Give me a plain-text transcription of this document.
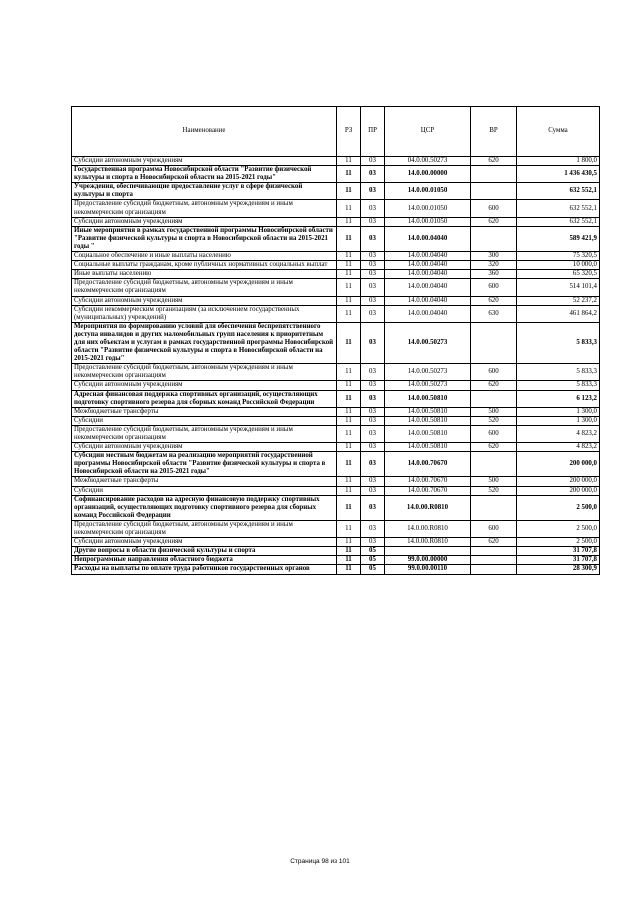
Наименование	РЗ	ПР	ЦСР	ВР	Сумма
Субсидии автономным учреждениям	11	03	04.0.00.50273	620	1 800,0
Государственная программа Новосибирской области "Развитие физической культуры и спорта в Новосибирской области на 2015-2021 годы"	11	03	14.0.00.00000		1 436 430,5
Учреждения, обеспечивающие предоставление услуг в сфере физической культуры и спорта	11	03	14.0.00.01050		632 552,1
Предоставление субсидий бюджетным, автономным учреждениям и иным некоммерческим организациям	11	03	14.0.00.01050	600	632 552,1
Субсидии автономным учреждениям	11	03	14.0.00.01050	620	632 552,1
Иные мероприятия в рамках государственной программы Новосибирской области "Развитие физической культуры и спорта в Новосибирской области на 2015-2021 годы "	11	03	14.0.00.04040		589 421,9
Социальное обеспечение и иные выплаты населению	11	03	14.0.00.04040	300	75 320,5
Социальные выплаты гражданам, кроме публичных нормативных социальных выплат	11	03	14.0.00.04040	320	10 000,0
Иные выплаты населению	11	03	14.0.00.04040	360	65 320,5
Предоставление субсидий бюджетным, автономным учреждениям и иным некоммерческим организациям	11	03	14.0.00.04040	600	514 101,4
Субсидии автономным учреждениям	11	03	14.0.00.04040	620	52 237,2
Субсидии некоммерческим организациям (за исключением государственных (муниципальных) учреждений)	11	03	14.0.00.04040	630	461 864,2
Мероприятия по формированию условий для обеспечения беспрепятственного доступа инвалидов и других маломобильных групп населения к приоритетным для них объектам и услугам в рамках государственной программы Новосибирской области "Развитие физической культуры и спорта в Новосибирской области на 2015-2021 годы"	11	03	14.0.00.50273		5 833,3
Предоставление субсидий бюджетным, автономным учреждениям и иным некоммерческим организациям	11	03	14.0.00.50273	600	5 833,3
Субсидии автономным учреждениям	11	03	14.0.00.50273	620	5 833,3
Адресная финансовая поддержка спортивных организаций, осуществляющих подготовку спортивного резерва для сборных команд Российской Федерации	11	03	14.0.00.50810		6 123,2
Межбюджетные трансферты	11	03	14.0.00.50810	500	1 300,0
Субсидии	11	03	14.0.00.50810	520	1 300,0
Предоставление субсидий бюджетным, автономным учреждениям и иным некоммерческим организациям	11	03	14.0.00.50810	600	4 823,2
Субсидии автономным учреждениям	11	03	14.0.00.50810	620	4 823,2
Субсидии местным бюджетам на реализацию мероприятий государственной программы Новосибирской области "Развитие физической культуры и спорта в Новосибирской области на 2015-2021 годы"	11	03	14.0.00.70670		200 000,0
Межбюджетные трансферты	11	03	14.0.00.70670	500	200 000,0
Субсидии	11	03	14.0.00.70670	520	200 000,0
Софинансирование расходов на адресную финансовую поддержку спортивных организаций, осуществляющих подготовку спортивного резерва для сборных команд Российской Федерации	11	03	14.0.00.R0810		2 500,0
Предоставление субсидий бюджетным, автономным учреждениям и иным некоммерческим организациям	11	03	14.0.00.R0810	600	2 500,0
Субсидии автономным учреждениям	11	03	14.0.00.R0810	620	2 500,0
Другие вопросы в области физической культуры и спорта	11	05			31 707,8
Непрограммные направления областного бюджета	11	05	99.0.00.00000		31 707,8
Расходы на выплаты по оплате труда работников государственных органов	11	05	99.0.00.00110		28 300,9
Страница 98 из 101
